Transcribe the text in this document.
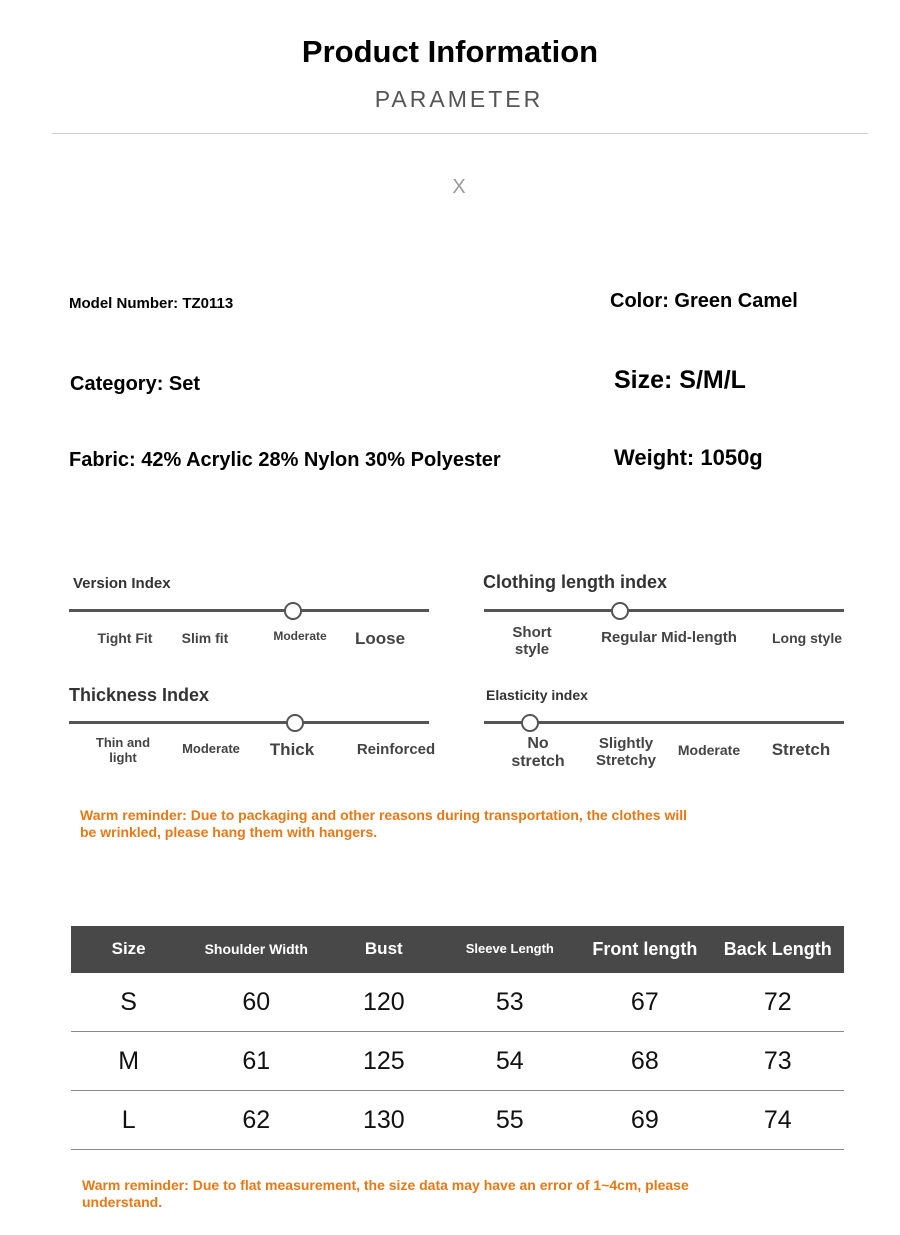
Product Information
PARAMETER
X
Model Number: TZ0113	Color: Green Camel
Category: Set	Size: S/M/L
Fabric: 42% Acrylic 28% Nylon 30% Polyester	Weight: 1050g
Version Index
Tight Fit	Slim fit	Moderate	Loose
Clothing length index
Short style
Regular Mid-length	Long style
Thickness Index
Thin and light
Moderate	Thick	Reinforced
Elasticity index
No stretch
Slightly Stretchy
Moderate	Stretch
Warm reminder: Due to packaging and other reasons during transportation, the clothes will be wrinkled, please hang them with hangers.
Size	Shoulder Width	Bust	Sleeve Length	Front length	Back Length
S	60	120	53	67	72
M	61	125	54	68	73
L	62	130	55	69	74
Warm reminder: Due to flat measurement, the size data may have an error of 1~4cm, please understand.
